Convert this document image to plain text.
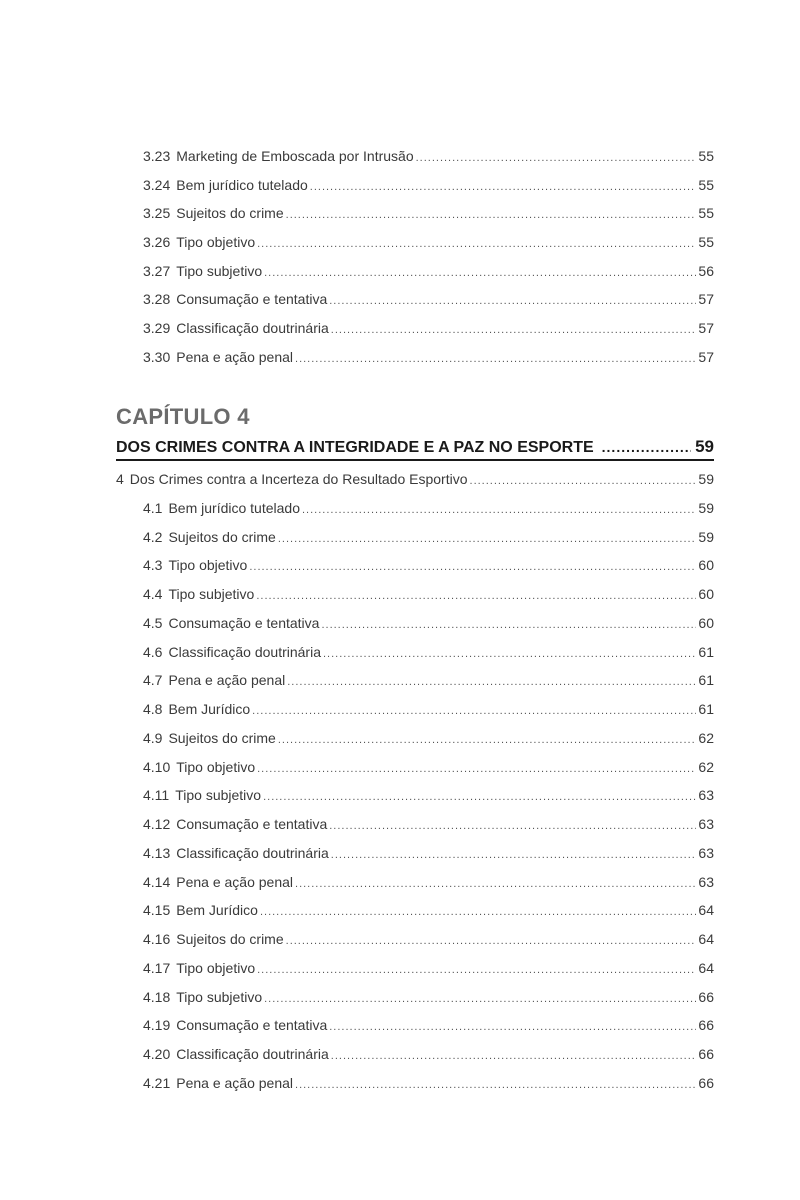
3.23 Marketing de Emboscada por Intrusão .....	55
3.24 Bem jurídico tutelado .....	55
3.25 Sujeitos do crime .....	55
3.26 Tipo objetivo .....	55
3.27 Tipo subjetivo .....	56
3.28 Consumação e tentativa .....	57
3.29 Classificação doutrinária .....	57
3.30 Pena e ação penal .....	57
CAPÍTULO 4
DOS CRIMES CONTRA A INTEGRIDADE E A PAZ NO ESPORTE .....	59
4 Dos Crimes contra a Incerteza do Resultado Esportivo .....	59
4.1 Bem jurídico tutelado .....	59
4.2 Sujeitos do crime .....	59
4.3 Tipo objetivo .....	60
4.4 Tipo subjetivo .....	60
4.5 Consumação e tentativa .....	60
4.6 Classificação doutrinária .....	61
4.7 Pena e ação penal .....	61
4.8 Bem Jurídico .....	61
4.9 Sujeitos do crime .....	62
4.10 Tipo objetivo .....	62
4.11 Tipo subjetivo .....	63
4.12 Consumação e tentativa .....	63
4.13 Classificação doutrinária .....	63
4.14 Pena e ação penal .....	63
4.15 Bem Jurídico .....	64
4.16 Sujeitos do crime .....	64
4.17 Tipo objetivo .....	64
4.18 Tipo subjetivo .....	66
4.19 Consumação e tentativa .....	66
4.20 Classificação doutrinária .....	66
4.21 Pena e ação penal .....	66
